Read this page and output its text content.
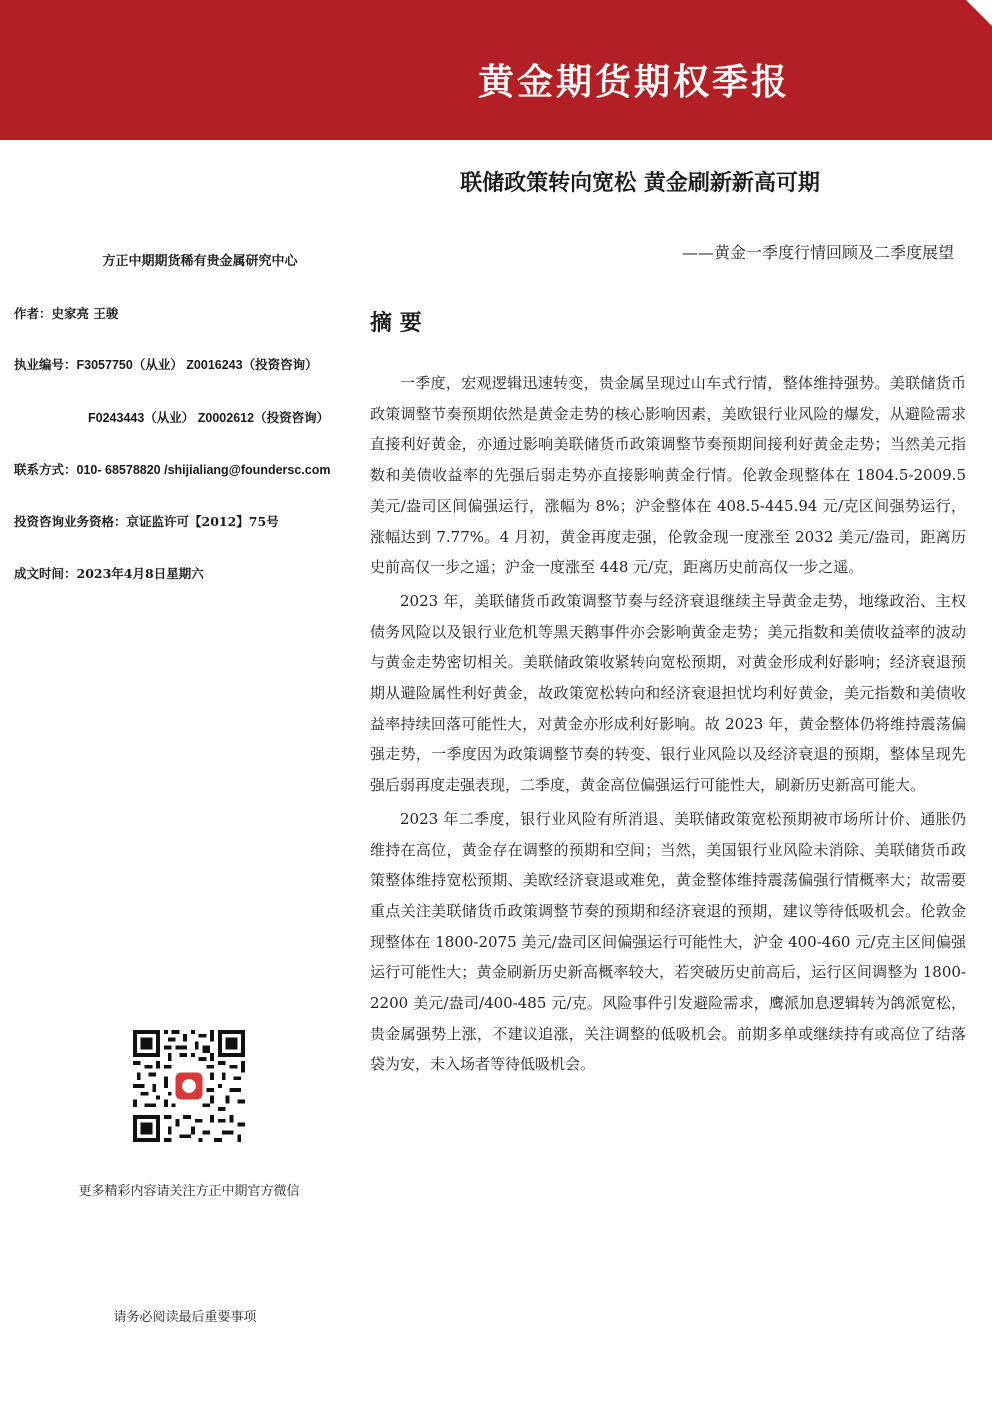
黄金期货期权季报
联储政策转向宽松 黄金刷新新高可期
——黄金一季度行情回顾及二季度展望
方正中期期货稀有贵金属研究中心
作者：史家亮 王骏
执业编号：F3057750（从业） Z0016243（投资咨询）
F0243443（从业） Z0002612（投资咨询）
联系方式：010- 68578820 /shijialiang@foundersc.com
投资咨询业务资格：京证监许可【2012】75号
成文时间：2023年4月8日星期六
摘 要

一季度，宏观逻辑迅速转变，贵金属呈现过山车式行情，整体维持强势。美联储货币政策调整节奏预期依然是黄金走势的核心影响因素，美欧银行业风险的爆发，从避险需求直接利好黄金，亦通过影响美联储货币政策调整节奏预期间接利好黄金走势；当然美元指数和美债收益率的先强后弱走势亦直接影响黄金行情。伦敦金现整体在 1804.5-2009.5 美元/盎司区间偏强运行，涨幅为 8%；沪金整体在 408.5-445.94 元/克区间强势运行，涨幅达到 7.77%。4 月初，黄金再度走强，伦敦金现一度涨至 2032 美元/盎司，距离历史前高仅一步之遥；沪金一度涨至 448 元/克，距离历史前高仅一步之遥。

2023 年，美联储货币政策调整节奏与经济衰退继续主导黄金走势，地缘政治、主权债务风险以及银行业危机等黑天鹅事件亦会影响黄金走势；美元指数和美债收益率的波动与黄金走势密切相关。美联储政策收紧转向宽松预期，对黄金形成利好影响；经济衰退预期从避险属性利好黄金，故政策宽松转向和经济衰退担忧均利好黄金，美元指数和美债收益率持续回落可能性大，对黄金亦形成利好影响。故 2023 年，黄金整体仍将维持震荡偏强走势，一季度因为政策调整节奏的转变、银行业风险以及经济衰退的预期，整体呈现先强后弱再度走强表现，二季度，黄金高位偏强运行可能性大，刷新历史新高可能大。

2023 年二季度，银行业风险有所消退、美联储政策宽松预期被市场所计价、通胀仍维持在高位，黄金存在调整的预期和空间；当然，美国银行业风险未消除、美联储货币政策整体维持宽松预期、美欧经济衰退或难免，黄金整体维持震荡偏强行情概率大；故需要重点关注美联储货币政策调整节奏的预期和经济衰退的预期，建议等待低吸机会。伦敦金现整体在 1800-2075 美元/盎司区间偏强运行可能性大，沪金 400-460 元/克主区间偏强运行可能性大；黄金刷新历史新高概率较大，若突破历史前高后，运行区间调整为 1800-2200 美元/盎司/400-485 元/克。风险事件引发避险需求，鹰派加息逻辑转为鸽派宽松，贵金属强势上涨，不建议追涨，关注调整的低吸机会。前期多单或继续持有或高位了结落袋为安，未入场者等待低吸机会。

更多精彩内容请关注方正中期官方微信
请务必阅读最后重要事项
